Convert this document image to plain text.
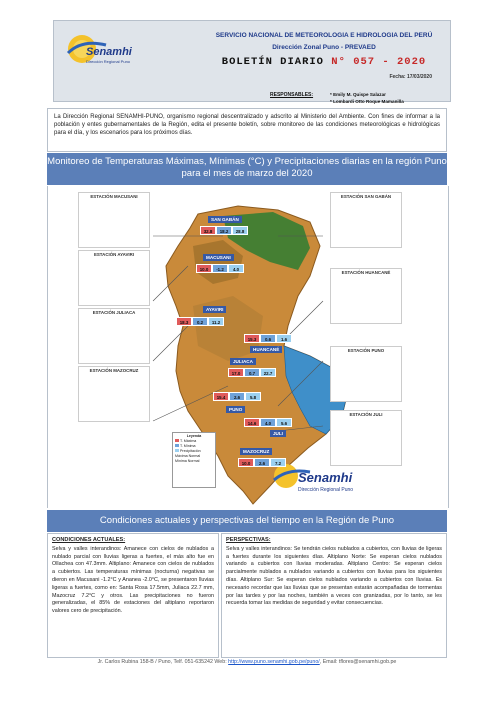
Senamhi
Dirección Regional Puno
SERVICIO NACIONAL DE METEOROLOGIA E HIDROLOGIA DEL PERÚ
Dirección Zonal Puno - PREVAED
BOLETÍN DIARIO N° 057 - 2020
Fecha: 17/03/2020
RESPONSABLES:	* Emily M. Quispe Salazar
* Lombardi Otto Roque Mamanilla
La Dirección Regional SENAMHI-PUNO, organismo regional descentralizado y adscrito al Ministerio del Ambiente. Con fines de informar a la población y entes gubernamentales de la Región, edita el presente boletín, sobre monitoreo de las condiciones meteorológicas e hidrológicas para el día, y los escenarios para los próximos días.
Monitoreo de Temperaturas Máximas, Mínimas (°C) y Precipitaciones diarias en la región Puno para el mes de marzo del 2020
Senamhi
Dirección Regional Puno
ESTACIÓN MACUSANI
ESTACIÓN AYAVIRI
ESTACIÓN JULIACA
ESTACIÓN MAZOCRUZ
ESTACIÓN SAN GABÁN
ESTACIÓN HUANCANÉ
ESTACIÓN PUNO
ESTACIÓN JULI
SAN GABÁN
32.8	18.2	28.8
MACUSANI
10.0	-1.2	4.0
AYAVIRI
18.3	0.2	11.2
HUANCANÉ
15.3	0.6	1.6
JULIACA
17.0	0.7	22.7
15.4	2.6	5.8
PUNO
14.6	4.0	5.6
JULI
MAZOCRUZ
10.0	2.6	7.2
Leyenda
T. Máxima
T. Mínima
Precipitación
Máxima Normal
Mínima Normal
Condiciones actuales y perspectivas del tiempo en la Región de Puno
CONDICIONES ACTUALES:
Selva y valles interandinos: Amanece con cielos de nublados a nublado parcial con lluvias ligeras a fuertes, el más alto fue en Ollachea con 47.3mm. Altiplano: Amanece con cielos de nublados a cubiertos. Las temperaturas mínimas (nocturna) negativas se dieron en Macusani -1.2°C y Ananea -2.0°C, se presentaron lluvias ligeras a fuertes, como en: Santa Rosa 17.5mm, Juliaca 22.7 mm, Mazocruz 7.2°C y otros. Las precipitaciones no fueron generalizadas, el 85% de estaciones del altiplano reportaron valores cero de precipitación.
PERSPECTIVAS:
Selva y valles interandinos: Se tendrán cielos nublados a cubiertos, con lluvias de ligeras a fuertes durante los siguientes días. Altiplano Norte: Se esperan cielos nublados variando a cubiertos con lluvias moderadas. Altiplano Centro: Se esperan cielos parcialmente nublados a nublados variando a cubiertos con lluvias para los siguientes días. Altiplano Sur: Se esperan cielos nublados variando a cubiertos con lluvias. Es necesario recordar que las lluvias que se presentan estarán acompañadas de tormentas por las tardes y por las noches, también a veces con granizadas, por lo tanto, se les recuerda tomar las medidas de seguridad y evitar consecuencias.
Jr. Carlos Rubina 158-B / Puno, Telf. 051-635242 Web: http://www.puno.senamhi.gob.pe/puno/, Email: tflores@senamhi.gob.pe
